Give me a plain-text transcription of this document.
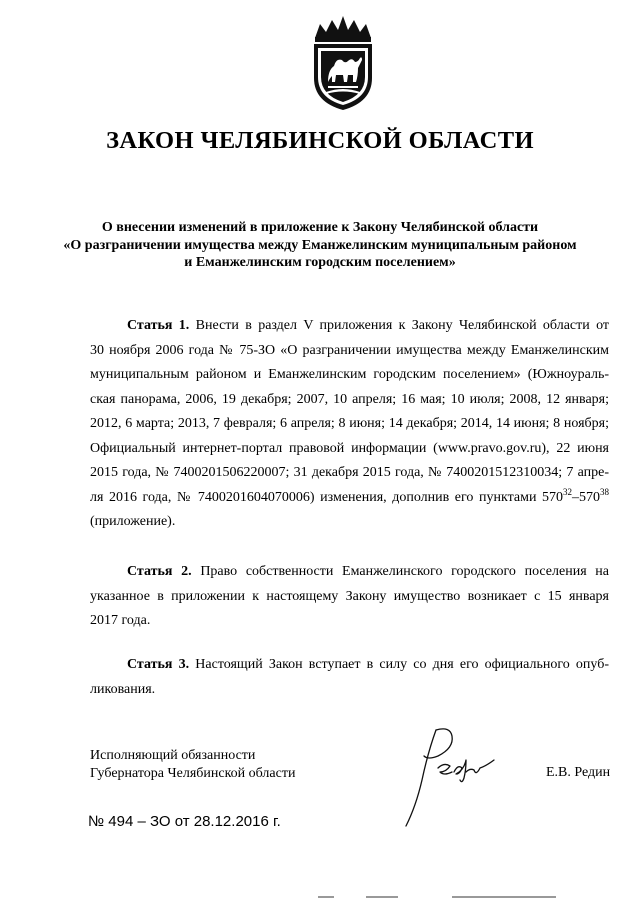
ЗАКОН ЧЕЛЯБИНСКОЙ ОБЛАСТИ
О внесении изменений в приложение к Закону Челябинской области
«О разграничении имущества между Еманжелинским муниципальным районом
и Еманжелинским городским поселением»
Статья 1. Внести в раздел V приложения к Закону Челябинской области от
30 ноября 2006 года № 75-ЗО «О разграничении имущества между Еманжелинским
муниципальным районом и Еманжелинским городским поселением» (Южноураль-
ская панорама, 2006, 19 декабря; 2007, 10 апреля; 16 мая; 10 июля; 2008, 12 января;
2012, 6 марта; 2013, 7 февраля; 6 апреля; 8 июня; 14 декабря; 2014, 14 июня; 8 ноября;
Официальный интернет-портал правовой информации (www.pravo.gov.ru), 22 июня
2015 года, № 7400201506220007; 31 декабря 2015 года, № 7400201512310034; 7 апре-
ля 2016 года, № 7400201604070006) изменения, дополнив его пунктами $570^{32}-570^{38}$
(приложение).
Статья 2. Право собственности Еманжелинского городского поселения на
указанное в приложении к настоящему Закону имущество возникает с 15 января
2017 года.
Статья 3. Настоящий Закон вступает в силу со дня его официального опуб-
ликования.
Исполняющий обязанности
Губернатора Челябинской области	Е.В. Редин
№ 494 – ЗО от 28.12.2016 г.
